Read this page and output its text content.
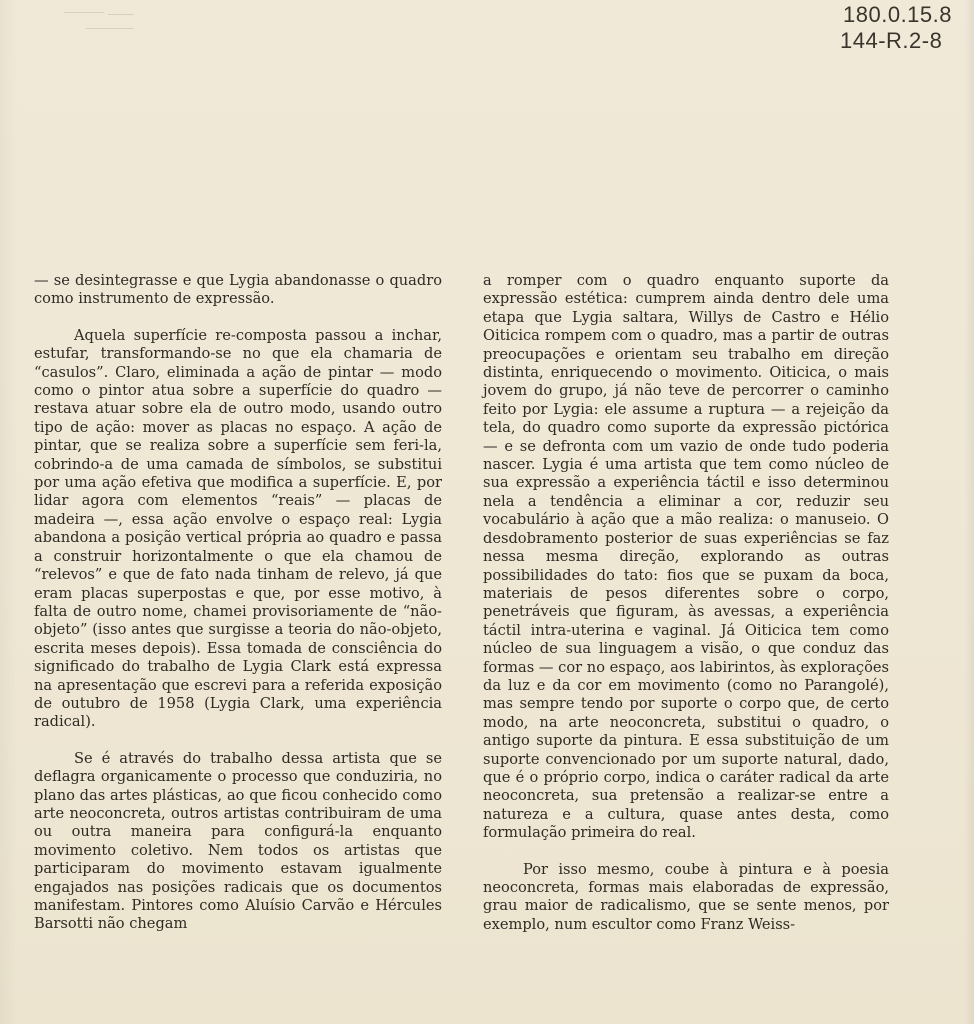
180.0.15.8
144-R.2-8

— se desintegrasse e que Lygia abandonasse o quadro como instrumento de expressão.

Aquela superfície re-composta passou a inchar, estufar, transformando-se no que ela chamaria de “casulos”. Claro, eliminada a ação de pintar — modo como o pintor atua sobre a superfície do quadro — restava atuar sobre ela de outro modo, usando outro tipo de ação: mover as placas no espaço. A ação de pintar, que se realiza sobre a superfície sem feri-la, cobrindo-a de uma camada de símbolos, se substitui por uma ação efetiva que modifica a superfície. E, por lidar agora com elementos “reais” — placas de madeira —, essa ação envolve o espaço real: Lygia abandona a posição vertical própria ao quadro e passa a construir horizontalmente o que ela chamou de “relevos” e que de fato nada tinham de relevo, já que eram placas superpostas e que, por esse motivo, à falta de outro nome, chamei provisoriamente de “não-objeto” (isso antes que surgisse a teoria do não-objeto, escrita meses depois). Essa tomada de consciência do significado do trabalho de Lygia Clark está expressa na apresentação que escrevi para a referida exposição de outubro de 1958 (Lygia Clark, uma experiência radical).

Se é através do trabalho dessa artista que se deflagra organicamente o processo que conduziria, no plano das artes plásticas, ao que ficou conhecido como arte neoconcreta, outros artistas contribuiram de uma ou outra maneira para configurá-la enquanto movimento coletivo. Nem todos os artistas que participaram do movimento estavam igualmente engajados nas posições radicais que os documentos manifestam. Pintores como Aluísio Carvão e Hércules Barsotti não chegam

a romper com o quadro enquanto suporte da expressão estética: cumprem ainda dentro dele uma etapa que Lygia saltara, Willys de Castro e Hélio Oiticica rompem com o quadro, mas a partir de outras preocupações e orientam seu trabalho em direção distinta, enriquecendo o movimento. Oiticica, o mais jovem do grupo, já não teve de percorrer o caminho feito por Lygia: ele assume a ruptura — a rejeição da tela, do quadro como suporte da expressão pictórica — e se defronta com um vazio de onde tudo poderia nascer. Lygia é uma artista que tem como núcleo de sua expressão a experiência táctil e isso determinou nela a tendência a eliminar a cor, reduzir seu vocabulário à ação que a mão realiza: o manuseio. O desdobramento posterior de suas experiências se faz nessa mesma direção, explorando as outras possibilidades do tato: fios que se puxam da boca, materiais de pesos diferentes sobre o corpo, penetráveis que figuram, às avessas, a experiência táctil intra-uterina e vaginal. Já Oiticica tem como núcleo de sua linguagem a visão, o que conduz das formas — cor no espaço, aos labirintos, às explorações da luz e da cor em movimento (como no Parangolé), mas sempre tendo por suporte o corpo que, de certo modo, na arte neoconcreta, substitui o quadro, o antigo suporte da pintura. E essa substituição de um suporte convencionado por um suporte natural, dado, que é o próprio corpo, indica o caráter radical da arte neoconcreta, sua pretensão a realizar-se entre a natureza e a cultura, quase antes desta, como formulação primeira do real.

Por isso mesmo, coube à pintura e à poesia neoconcreta, formas mais elaboradas de expressão, grau maior de radicalismo, que se sente menos, por exemplo, num escultor como Franz Weiss-
